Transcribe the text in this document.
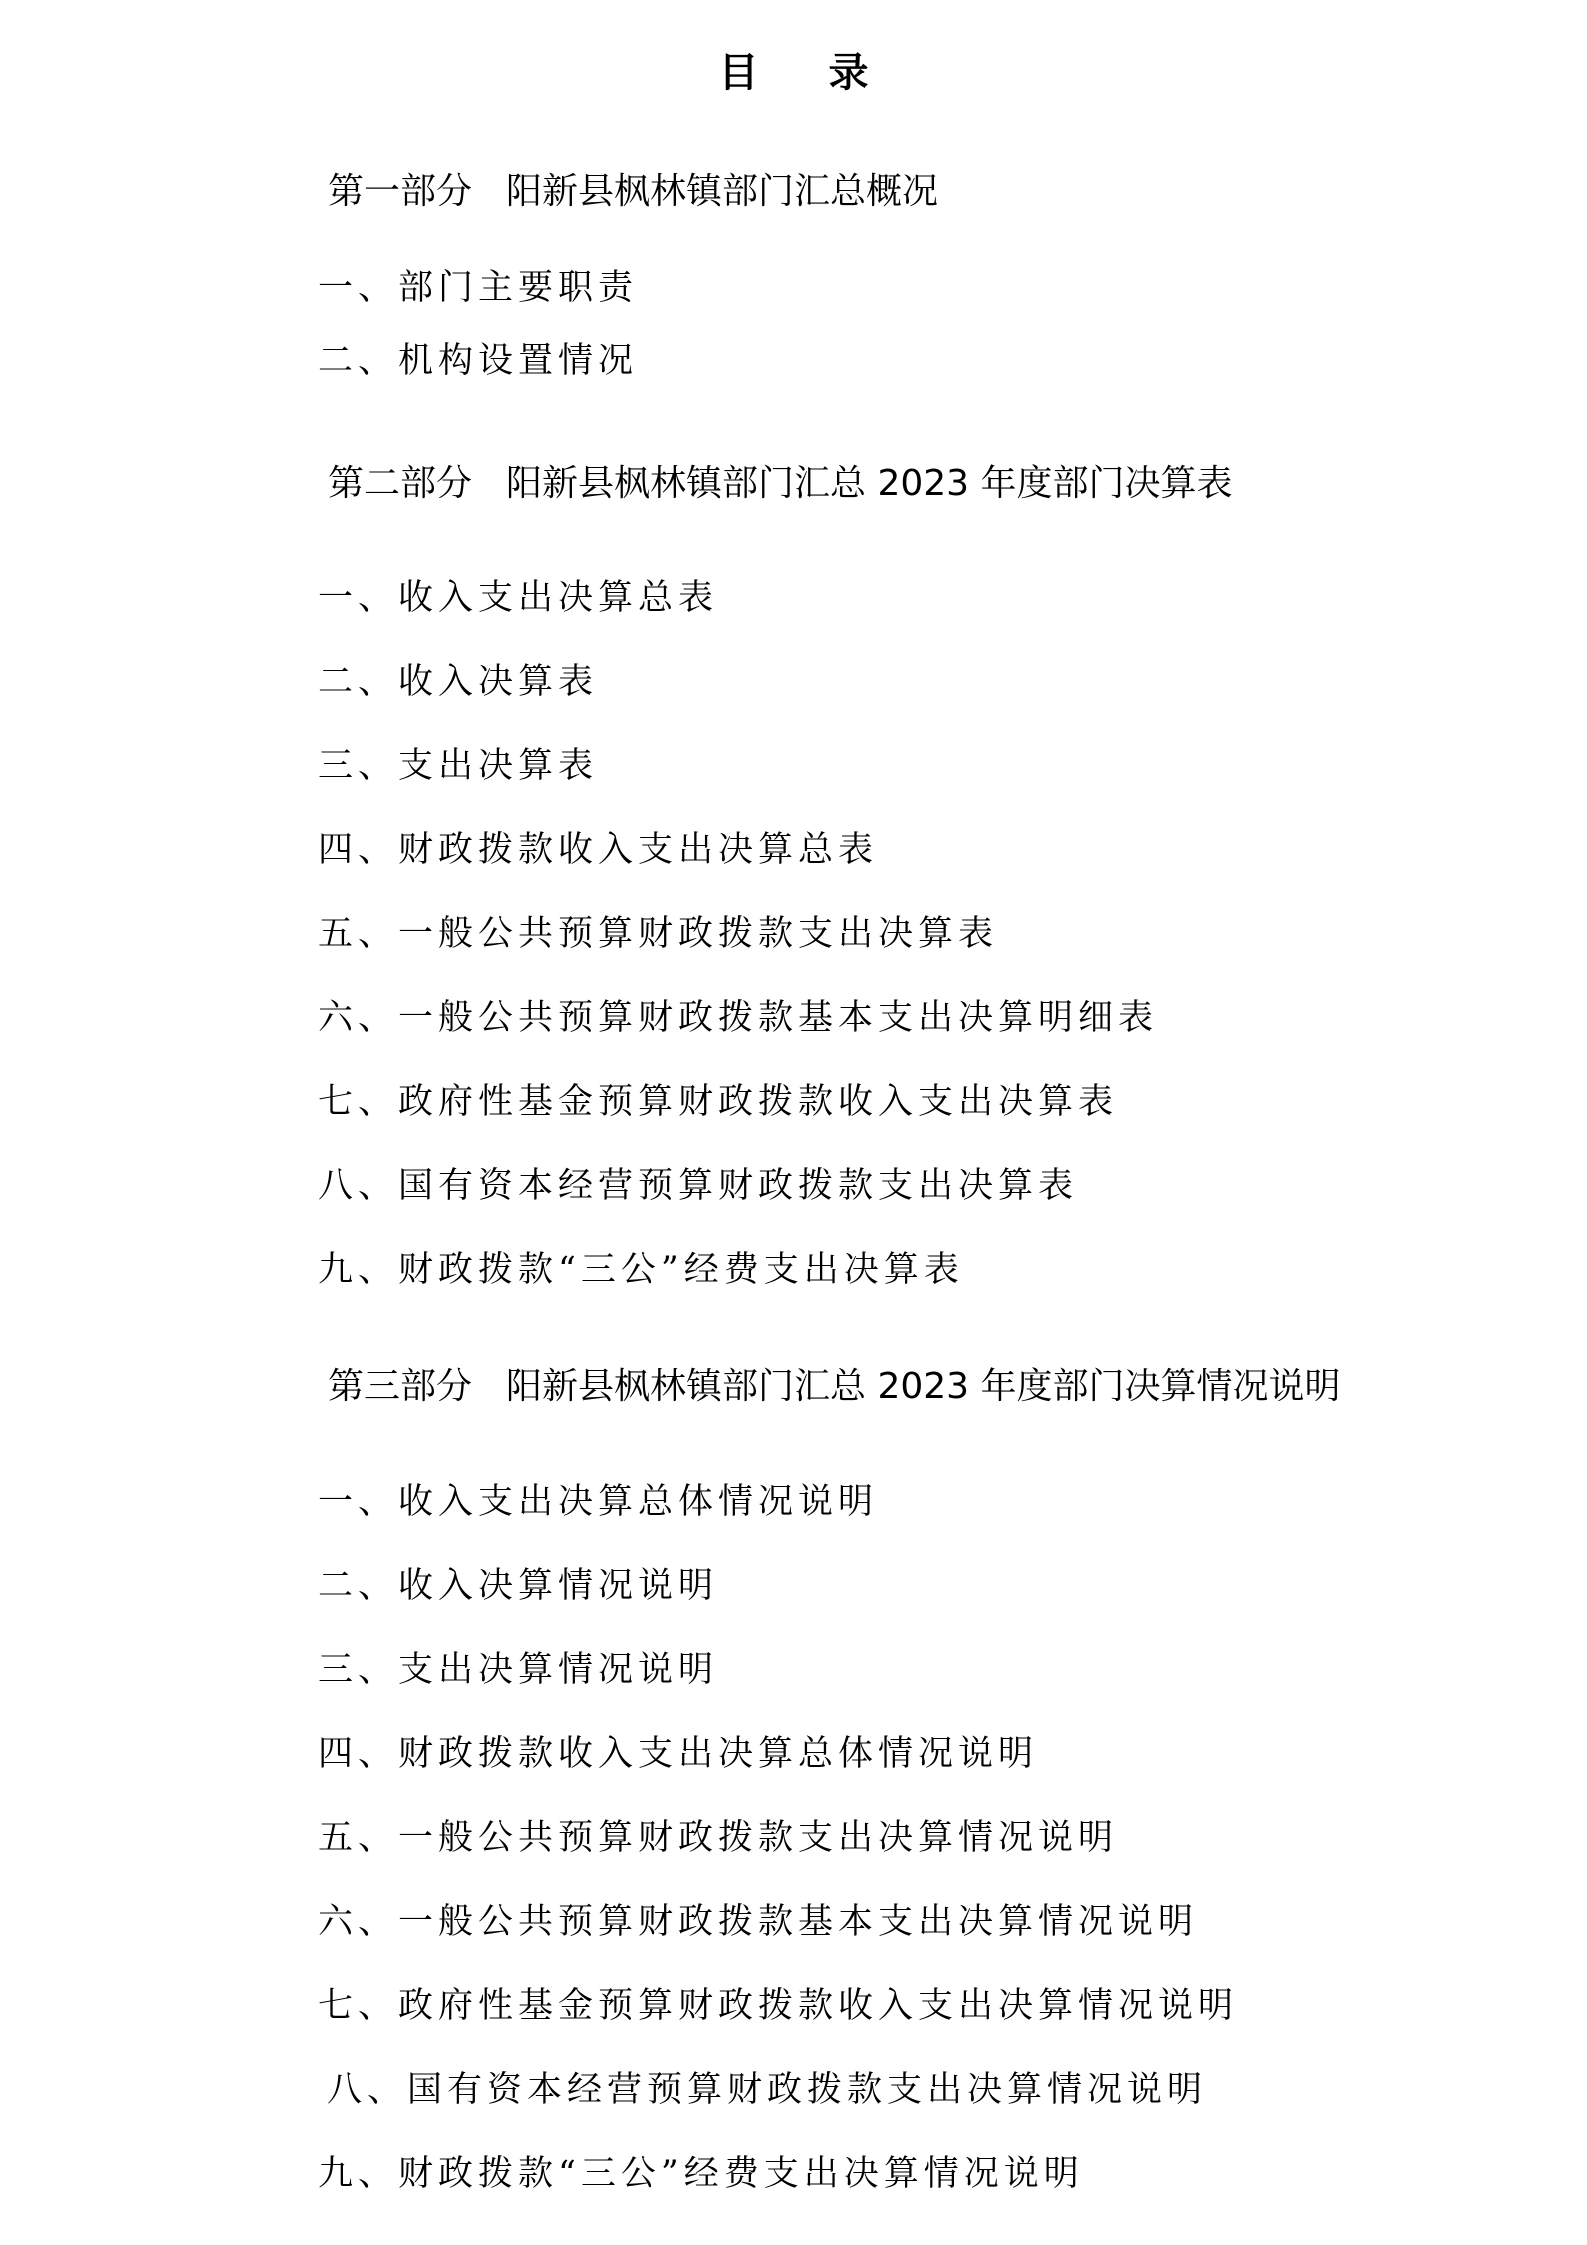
目 录
第一部分 阳新县枫林镇部门汇总概况
一、部门主要职责
二、机构设置情况
第二部分 阳新县枫林镇部门汇总 2023 年度部门决算表
一、收入支出决算总表
二、收入决算表
三、支出决算表
四、财政拨款收入支出决算总表
五、一般公共预算财政拨款支出决算表
六、一般公共预算财政拨款基本支出决算明细表
七、政府性基金预算财政拨款收入支出决算表
八、国有资本经营预算财政拨款支出决算表
九、财政拨款“三公”经费支出决算表
第三部分 阳新县枫林镇部门汇总 2023 年度部门决算情况说明
一、收入支出决算总体情况说明
二、收入决算情况说明
三、支出决算情况说明
四、财政拨款收入支出决算总体情况说明
五、一般公共预算财政拨款支出决算情况说明
六、一般公共预算财政拨款基本支出决算情况说明
七、政府性基金预算财政拨款收入支出决算情况说明
八、国有资本经营预算财政拨款支出决算情况说明
九、财政拨款“三公”经费支出决算情况说明
